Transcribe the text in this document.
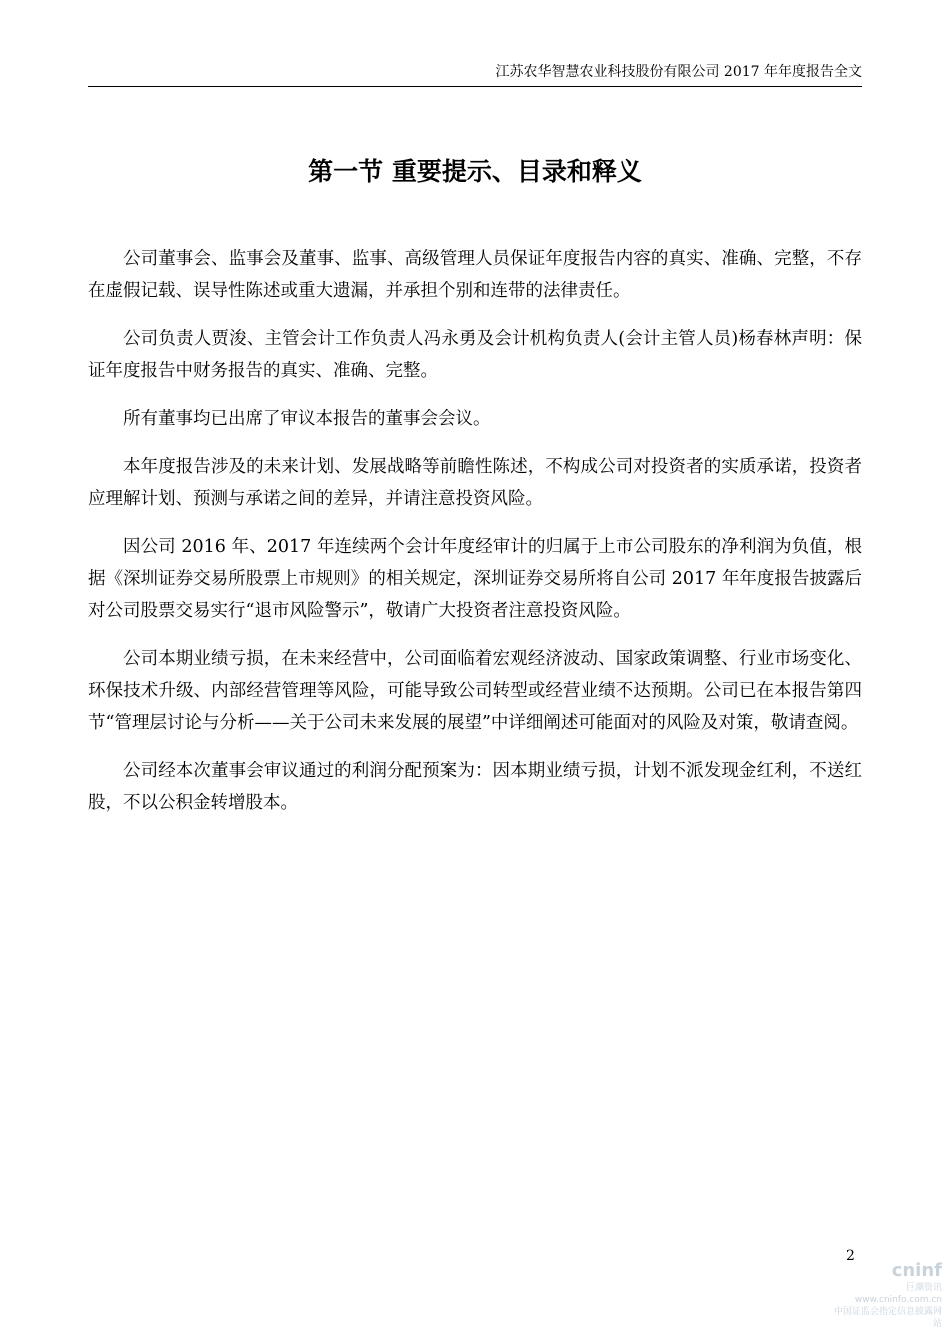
江苏农华智慧农业科技股份有限公司 2017 年年度报告全文
第一节 重要提示、目录和释义

公司董事会、监事会及董事、监事、高级管理人员保证年度报告内容的真实、准确、完整，不存在虚假记载、误导性陈述或重大遗漏，并承担个别和连带的法律责任。

公司负责人贾浚、主管会计工作负责人冯永勇及会计机构负责人(会计主管人员)杨春林声明：保证年度报告中财务报告的真实、准确、完整。

所有董事均已出席了审议本报告的董事会会议。

本年度报告涉及的未来计划、发展战略等前瞻性陈述，不构成公司对投资者的实质承诺，投资者应理解计划、预测与承诺之间的差异，并请注意投资风险。

因公司 2016 年、2017 年连续两个会计年度经审计的归属于上市公司股东的净利润为负值，根据《深圳证券交易所股票上市规则》的相关规定，深圳证券交易所将自公司 2017 年年度报告披露后对公司股票交易实行“退市风险警示”，敬请广大投资者注意投资风险。

公司本期业绩亏损，在未来经营中，公司面临着宏观经济波动、国家政策调整、行业市场变化、环保技术升级、内部经营管理等风险，可能导致公司转型或经营业绩不达预期。公司已在本报告第四节“管理层讨论与分析——关于公司未来发展的展望”中详细阐述可能面对的风险及对策，敬请查阅。

公司经本次董事会审议通过的利润分配预案为：因本期业绩亏损，计划不派发现金红利，不送红股，不以公积金转增股本。

2
cninf
巨潮资讯
www.cninfo.com.cn
中国证监会指定信息披露网站
